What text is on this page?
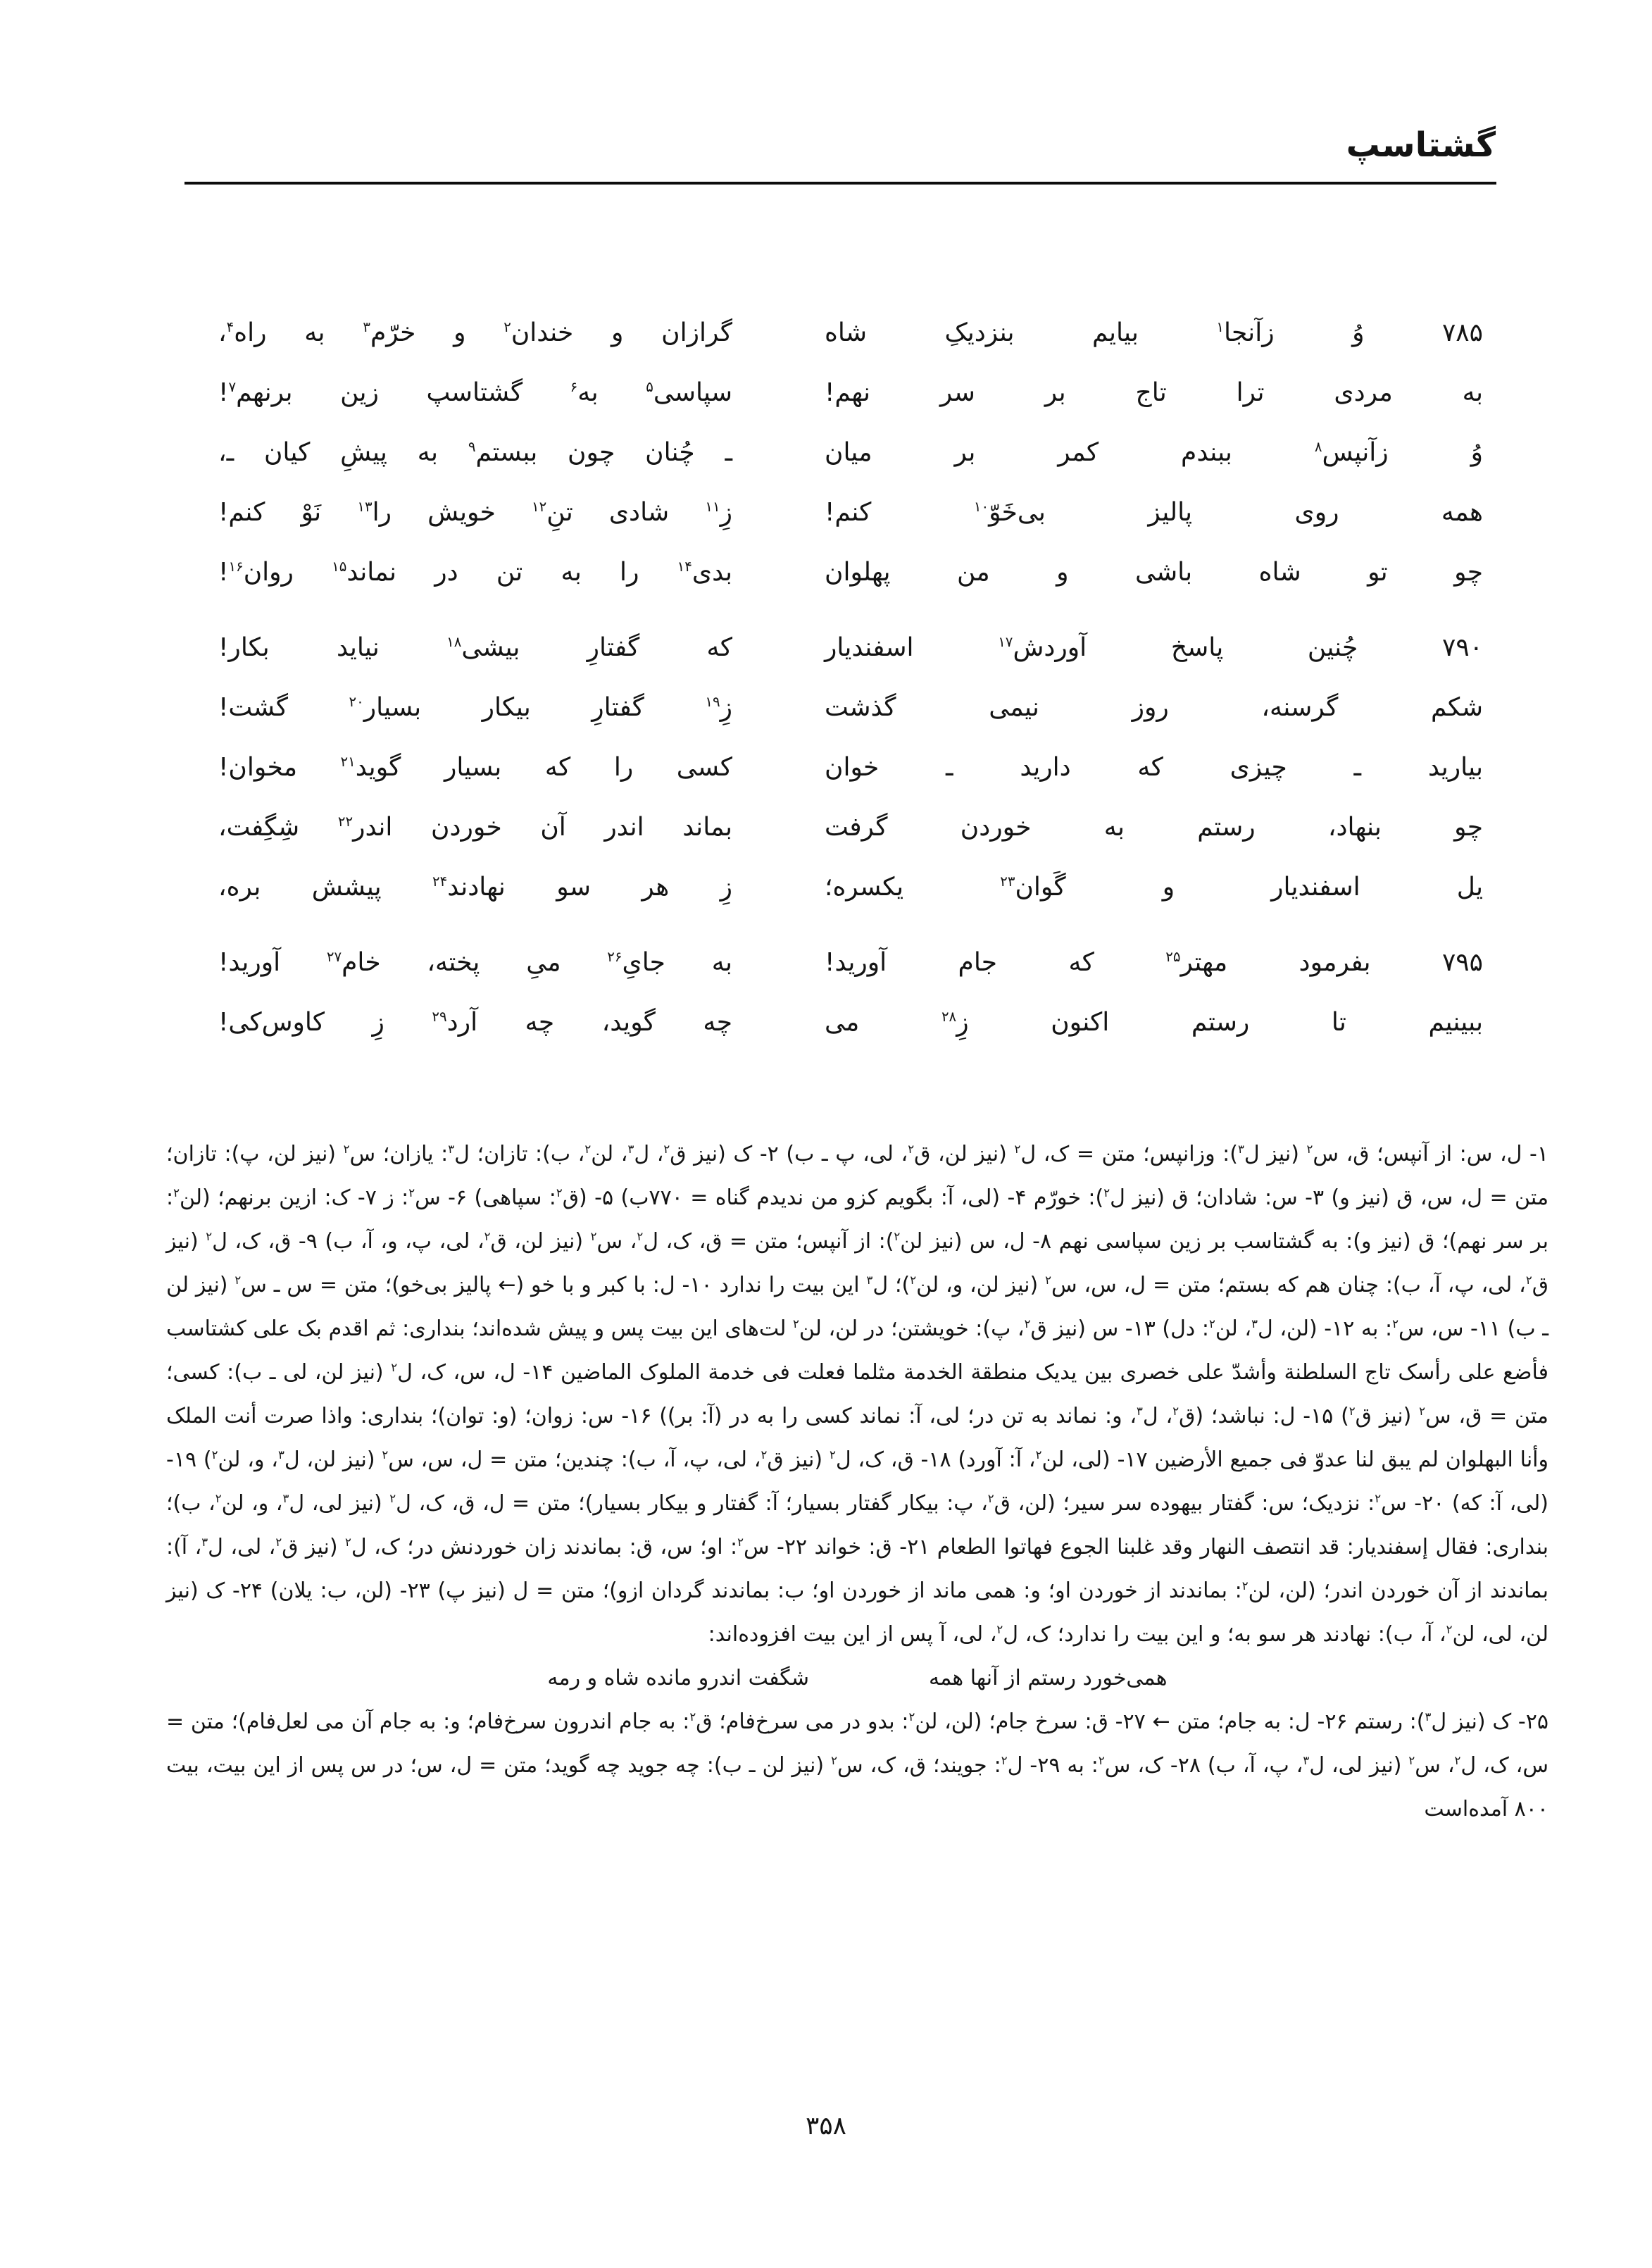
گشتاسپ
۷۸۵ وُ زآنجا$^۱$ بیایم بنزدیکِ شاه
گرازان و خندان$^۲$ و خرّم$^۳$ به راه$^۴$،
به مردی ترا تاج بر سر نهم!
سپاسی$^۵$ به$^۶$ گشتاسپ زین برنهم$^۷$!
وُ زآنپس$^۸$ ببندم کمر بر میان
ـ چُنان چون ببستم$^۹$ به پیشِ کیان ـ،
همه روی پالیز بی‌خَوّ$^{۱۰}$ کنم!
زِ$^{۱۱}$ شادی تنِ$^{۱۲}$ خویش را$^{۱۳}$ نَوْ کنم!
چو تو شاه باشی و من پهلوان
بدی$^{۱۴}$ را به تن در نماند$^{۱۵}$ روان$^{۱۶}$!
۷۹۰ چُنین پاسخ آوردش$^{۱۷}$ اسفندیار
که گفتارِ بیشی$^{۱۸}$ نیاید بکار!
شکم گرسنه، روز نیمی گذشت
زِ$^{۱۹}$ گفتارِ بیکار بسیار$^{۲۰}$ گشت!
بیارید ـ چیزی که دارید ـ خوان
کسی را که بسیار گوید$^{۲۱}$ مخوان!
چو بنهاد، رستم به خوردن گرفت
بماند اندر آن خوردن اندر$^{۲۲}$ شِگِفت،
یل اسفندیار و گَوان$^{۲۳}$ یکسره؛
زِ هر سو نهادند$^{۲۴}$ پیشش بره،
۷۹۵ بفرمود مهتر$^{۲۵}$ که جام آورید!
به جایِ$^{۲۶}$ میِ پخته، خام$^{۲۷}$ آورید!
ببینیم تا رستم اکنون زِ$^{۲۸}$ می
چه گوید، چه آرد$^{۲۹}$ زِ کاوس‌کی!

۱- ل، س: از آنپس؛ ق، س$^۲$ (نیز ل$^۳$): وزانپس؛ متن = ک، ل$^۲$ (نیز لن، ق$^۲$، لی، پ ـ ب) ۲- ک (نیز ق$^۲$، ل$^۳$، لن$^۲$، ب): تازان؛ ل$^۳$: یازان؛ س$^۲$ (نیز لن، پ): تازان؛ متن = ل، س، ق (نیز و) ۳- س: شادان؛ ق (نیز ل$^۲$): خورّم ۴- (لی، آ: بگویم کزو من ندیدم گناه = ۷۷۰ب) ۵- (ق$^۲$: سپاهی) ۶- س$^۲$: ز ۷- ک: ازین برنهم؛ (لن$^۲$: بر سر نهم)؛ ق (نیز و): به گشتاسب بر زین سپاسی نهم ۸- ل، س (نیز لن$^۲$): از آنپس؛ متن = ق، ک، ل$^۲$، س$^۲$ (نیز لن، ق$^۲$، لی، پ، و، آ، ب) ۹- ق، ک، ل$^۲$ (نیز ق$^۲$، لی، پ، آ، ب): چنان هم که بستم؛ متن = ل، س، س$^۲$ (نیز لن، و، لن$^۲$)؛ ل$^۳$ این بیت را ندارد ۱۰- ل: با کبر و با خو (← پالیز بی‌خو)؛ متن = س ـ س$^۲$ (نیز لن ـ ب) ۱۱- س، س$^۲$: به ۱۲- (لن، ل$^۳$، لن$^۲$: دل) ۱۳- س (نیز ق$^۲$، پ): خویشتن؛ در لن، لن$^۲$ لت‌های این بیت پس و پیش شده‌اند؛ بنداری: ثم اقدم بک علی کشتاسب فأضع علی رأسک تاج السلطنة وأشدّ علی خصری بین یدیک منطقة الخدمة مثلما فعلت فی خدمة الملوک الماضین ۱۴- ل، س، ک، ل$^۲$ (نیز لن، لی ـ ب): کسی؛ متن = ق، س$^۲$ (نیز ق$^۲$) ۱۵- ل: نباشد؛ (ق$^۲$، ل$^۳$، و: نماند به تن در؛ لی، آ: نماند کسی را به در (آ: بر)) ۱۶- س: زوان؛ (و: توان)؛ بنداری: واذا صرت أنت الملک وأنا البهلوان لم یبق لنا عدوّ فی جمیع الأرضین ۱۷- (لی، لن$^۲$، آ: آورد) ۱۸- ق، ک، ل$^۲$ (نیز ق$^۲$، لی، پ، آ، ب): چندین؛ متن = ل، س، س$^۲$ (نیز لن، ل$^۳$، و، لن$^۲$) ۱۹- (لی، آ: که) ۲۰- س$^۲$: نزدیک؛ س: گفتار بیهوده سر سیر؛ (لن، ق$^۲$، پ: بیکار گفتار بسیار؛ آ: گفتار و بیکار بسیار)؛ متن = ل، ق، ک، ل$^۲$ (نیز لی، ل$^۳$، و، لن$^۲$، ب)؛ بنداری: فقال إسفندیار: قد انتصف النهار وقد غلبنا الجوع فهاتوا الطعام ۲۱- ق: خواند ۲۲- س$^۲$: او؛ س، ق: بماندند زان خوردنش در؛ ک، ل$^۲$ (نیز ق$^۲$، لی، ل$^۳$، آ): بماندند از آن خوردن اندر؛ (لن، لن$^۲$: بماندند از خوردن او؛ و: همی ماند از خوردن او؛ ب: بماندند گردان ازو)؛ متن = ل (نیز پ) ۲۳- (لن، ب: یلان) ۲۴- ک (نیز لن، لی، لن$^۲$، آ، ب): نهادند هر سو به؛ و این بیت را ندارد؛ ک، ل$^۲$، لی، آ پس از این بیت افزوده‌اند:

همی‌خورد رستم از آنها همه
شگفت اندرو مانده شاه و رمه

۲۵- ک (نیز ل$^۳$): رستم ۲۶- ل: به جام؛ متن ← ۲۷- ق: سرخ جام؛ (لن، لن$^۲$: بدو در می سرخ‌فام؛ ق$^۲$: به جام اندرون سرخ‌فام؛ و: به جام آن می لعل‌فام)؛ متن = س، ک، ل$^۲$، س$^۲$ (نیز لی، ل$^۳$، پ، آ، ب) ۲۸- ک، س$^۲$: به ۲۹- ل$^۲$: جویند؛ ق، ک، س$^۲$ (نیز لن ـ ب): چه جوید چه گوید؛ متن = ل، س؛ در س پس از این بیت، بیت ۸۰۰ آمده‌است

۳۵۸
